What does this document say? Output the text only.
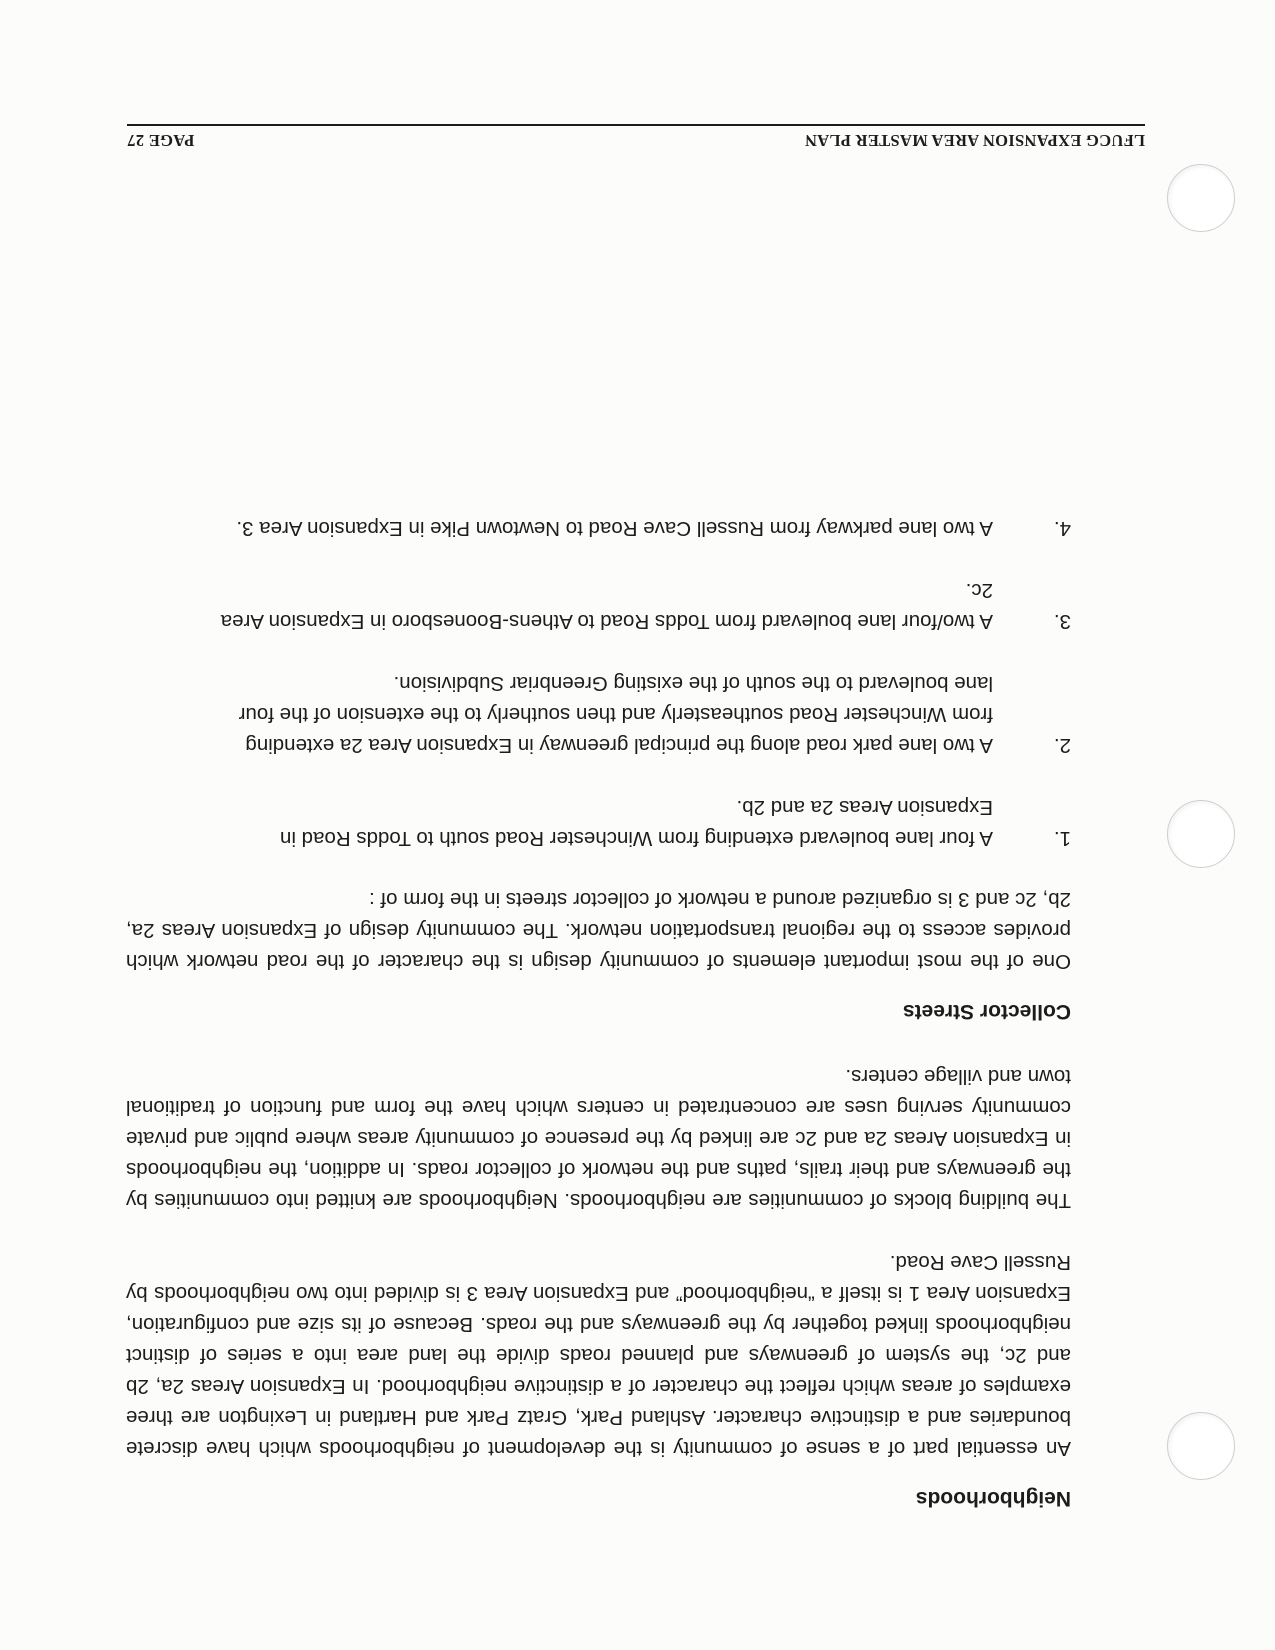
Neighborhoods

An essential part of a sense of community is the development of neighborhoods which have discrete boundaries and a distinctive character. Ashland Park, Gratz Park and Hartland in Lexington are three examples of areas which reflect the character of a distinctive neighborhood. In Expansion Areas 2a, 2b and 2c, the system of greenways and planned roads divide the land area into a series of distinct neighborhoods linked together by the greenways and the roads. Because of its size and configuration, Expansion Area 1 is itself a “neighborhood” and Expansion Area 3 is divided into two neighborhoods by Russell Cave Road.

The building blocks of communities are neighborhoods. Neighborhoods are knitted into communities by the greenways and their trails, paths and the network of collector roads. In addition, the neighborhoods in Expansion Areas 2a and 2c are linked by the presence of community areas where public and private community serving uses are concentrated in centers which have the form and function of traditional town and village centers.

Collector Streets

One of the most important elements of community design is the character of the road network which provides access to the regional transportation network. The community design of Expansion Areas 2a, 2b, 2c and 3 is organized around a network of collector streets in the form of :

1.
A four lane boulevard extending from Winchester Road south to Todds Road in Expansion Areas 2a and 2b.
2.
A two lane park road along the principal greenway in Expansion Area 2a extending from Winchester Road southeasterly and then southerly to the extension of the four lane boulevard to the south of the existing Greenbriar Subdivision.
3.
A two/four lane boulevard from Todds Road to Athens-Boonesboro in Expansion Area 2c.
4.
A two lane parkway from Russell Cave Road to Newtown Pike in Expansion Area 3.
LFUCG EXPANSION AREA MASTER PLAN
PAGE 27
